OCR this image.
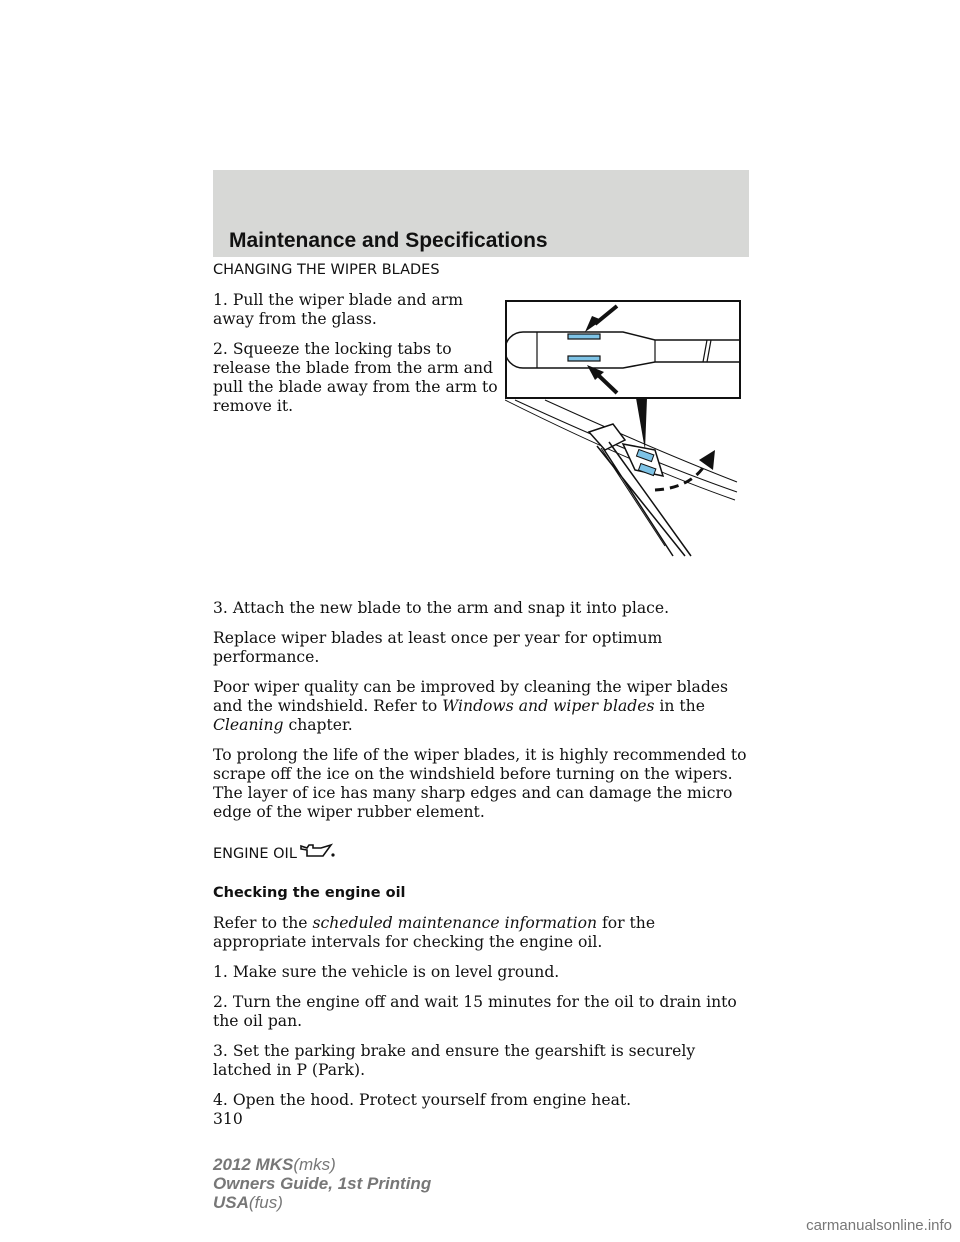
Maintenance and Specifications

CHANGING THE WIPER BLADES

1. Pull the wiper blade and arm away from the glass.

2. Squeeze the locking tabs to release the blade from the arm and pull the blade away from the arm to remove it.

3. Attach the new blade to the arm and snap it into place.

Replace wiper blades at least once per year for optimum performance.

Poor wiper quality can be improved by cleaning the wiper blades and the windshield. Refer to Windows and wiper blades in the Cleaning chapter.

To prolong the life of the wiper blades, it is highly recommended to scrape off the ice on the windshield before turning on the wipers. The layer of ice has many sharp edges and can damage the micro edge of the wiper rubber element.

ENGINE OIL

Checking the engine oil

Refer to the scheduled maintenance information for the appropriate intervals for checking the engine oil.

1. Make sure the vehicle is on level ground.

2. Turn the engine off and wait 15 minutes for the oil to drain into the oil pan.

3. Set the parking brake and ensure the gearshift is securely latched in P (Park).

4. Open the hood. Protect yourself from engine heat.

310

2012 MKS(mks)
Owners Guide, 1st Printing
USA(fus)
carmanualsonline.info
